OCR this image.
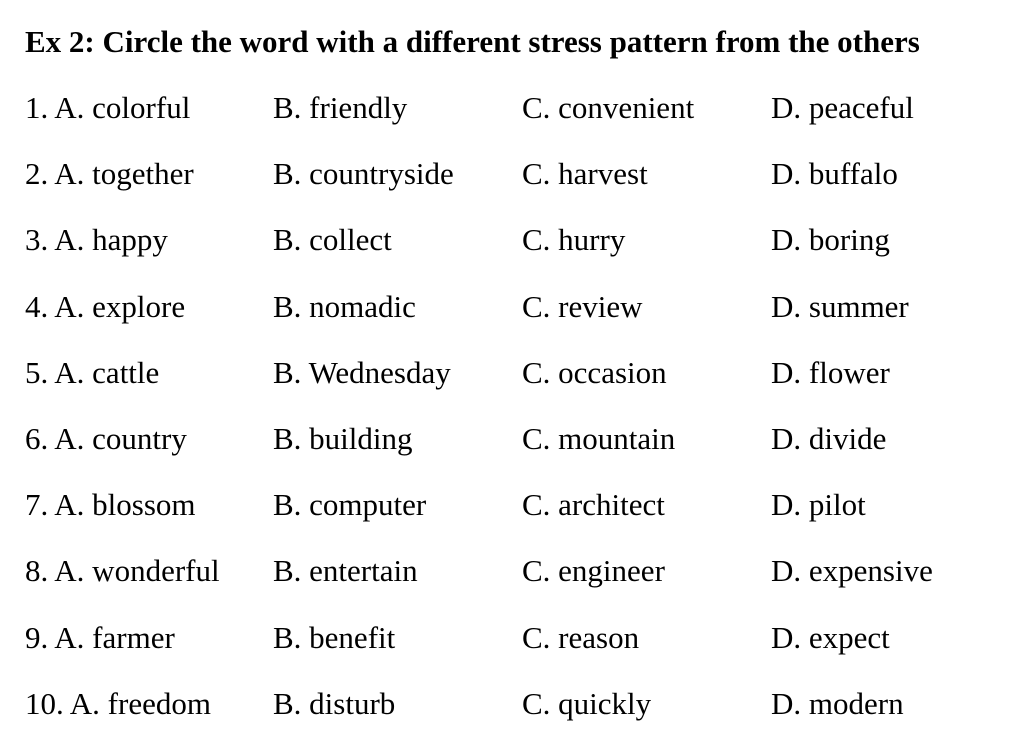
Ex 2: Circle the word with a different stress pattern from the others
1. A. colorful	B. friendly	C. convenient D. peaceful
2. A. together	B. countryside C. harvest	D. buffalo
3. A. happy	B. collect	C. hurry	D. boring
4. A. explore	B. nomadic	C. review	D. summer
5. A. cattle	B. Wednesday C. occasion	D. flower
6. A. country	B. building	C. mountain	D. divide
7. A. blossom B. computer	C. architect	D. pilot
8. A. wonderful B. entertain	C. engineer	D. expensive
9. A. farmer	B. benefit	C. reason	D. expect
10. A. freedom B. disturb	C. quickly	D. modern
